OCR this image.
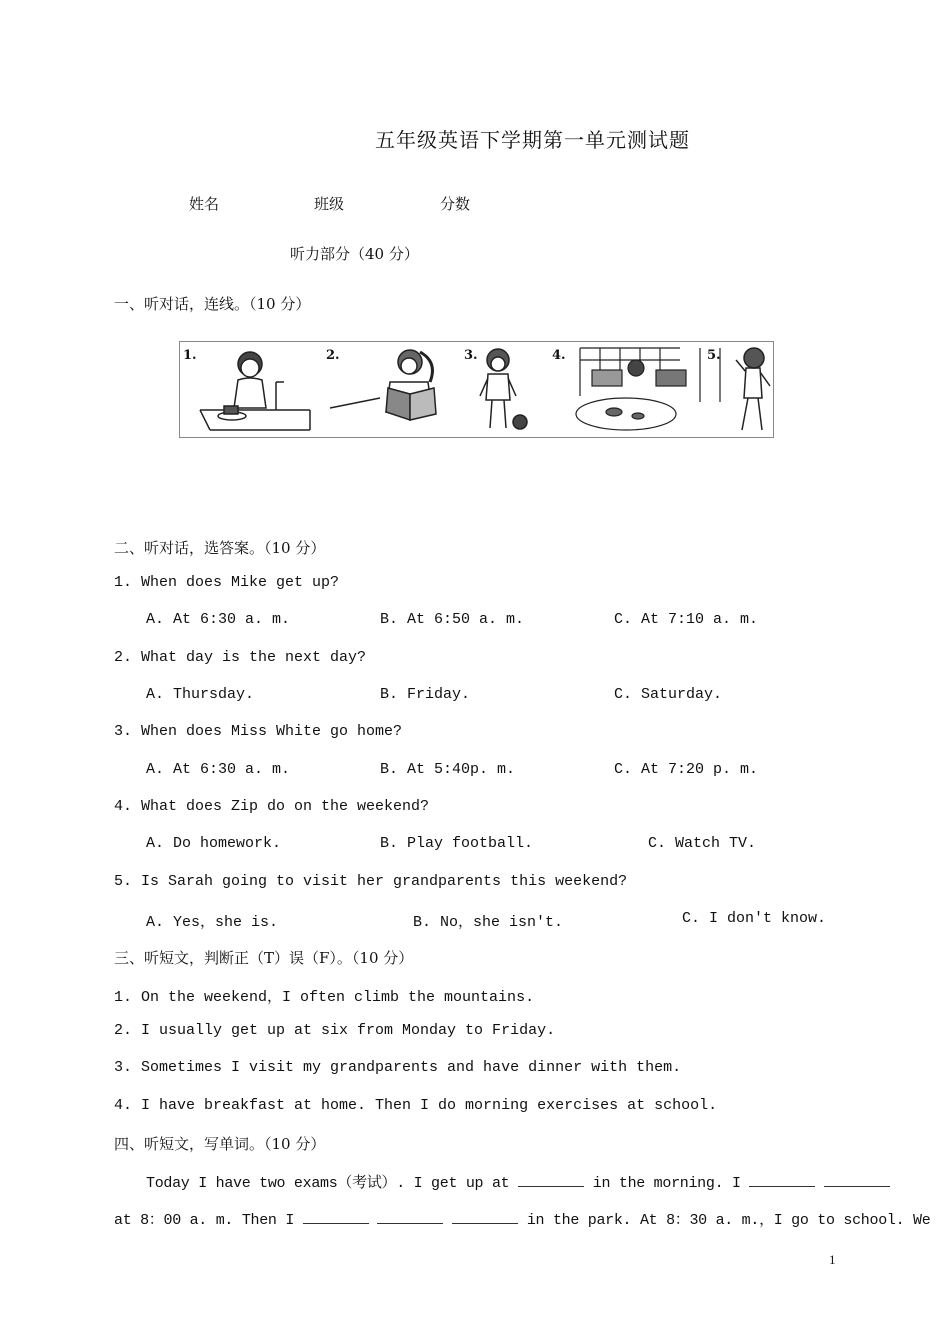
五年级英语下学期第一单元测试题
姓名	班级	分数
听力部分（40 分）
一、听对话，连线。（10 分）
1.	2.	3.	4.	5.
二、听对话，选答案。（10 分）
1. When does Mike get up?
A. At 6:30 a. m.	B. At 6:50 a. m.	C. At 7:10 a. m.
2. What day is the next day?
A. Thursday.	B. Friday.	C. Saturday.
3. When does Miss White go home?
A. At 6:30 a. m.	B. At 5:40p. m.	C. At 7:20 p. m.
4. What does Zip do on the weekend?
A. Do homework.	B. Play football.	C. Watch TV.
5. Is Sarah going to visit her grandparents this weekend?
A. Yes，she is.	B. No，she isn't.	C. I don't know.
三、听短文，判断正（T）误（F）。（10 分）
1. On the weekend，I often climb the mountains.
2. I usually get up at six from Monday to Friday.
3. Sometimes I visit my grandparents and have dinner with them.
4. I have breakfast at home. Then I do morning exercises at school.
四、听短文，写单词。（10 分）
Today I have two exams（考试）. I get up at	in the morning. I
at 8：00 a. m. Then I	in the park. At 8：30 a. m.，I go to school. We
1
